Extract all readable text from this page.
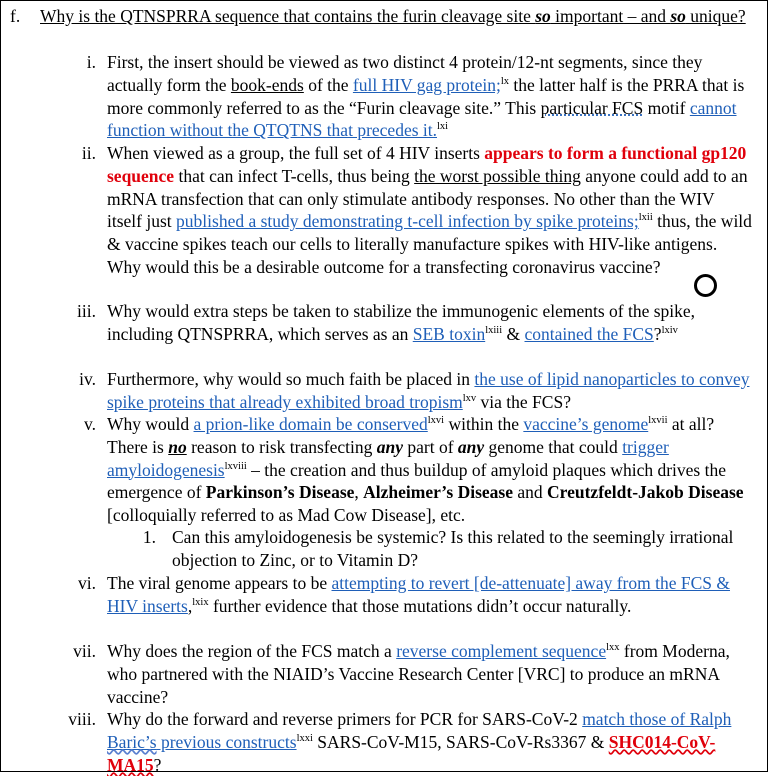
f. Why is the QTNSPRRA sequence that contains the furin cleavage site so important – and so unique?
i. First, the insert should be viewed as two distinct 4 protein/12-nt segments, since they actually form the book-ends of the full HIV gag protein;$^{lx}$ the latter half is the PRRA that is more commonly referred to as the “Furin cleavage site.” This particular FCS motif cannot function without the QTQTNS that precedes it.$^{lxi}$
ii. When viewed as a group, the full set of 4 HIV inserts appears to form a functional gp120 sequence that can infect T-cells, thus being the worst possible thing anyone could add to an mRNA transfection that can only stimulate antibody responses. No other than the WIV itself just published a study demonstrating t-cell infection by spike proteins;$^{lxii}$ thus, the wild & vaccine spikes teach our cells to literally manufacture spikes with HIV-like antigens. Why would this be a desirable outcome for a transfecting coronavirus vaccine?
iii. Why would extra steps be taken to stabilize the immunogenic elements of the spike, including QTNSPRRA, which serves as an SEB toxin$^{lxiii}$ & contained the FCS?$^{lxiv}$
iv. Furthermore, why would so much faith be placed in the use of lipid nanoparticles to convey spike proteins that already exhibited broad tropism$^{lxv}$ via the FCS?
v. Why would a prion-like domain be conserved$^{lxvi}$ within the vaccine’s genome$^{lxvii}$ at all? There is no reason to risk transfecting any part of any genome that could trigger amyloidogenesis$^{lxviii}$ – the creation and thus buildup of amyloid plaques which drives the emergence of Parkinson’s Disease, Alzheimer’s Disease and Creutzfeldt-Jakob Disease [colloquially referred to as Mad Cow Disease], etc.
1. Can this amyloidogenesis be systemic? Is this related to the seemingly irrational objection to Zinc, or to Vitamin D?
vi. The viral genome appears to be attempting to revert [de-attenuate] away from the FCS & HIV inserts,$^{lxix}$ further evidence that those mutations didn’t occur naturally.
vii. Why does the region of the FCS match a reverse complement sequence$^{lxx}$ from Moderna, who partnered with the NIAID’s Vaccine Research Center [VRC] to produce an mRNA vaccine?
viii. Why do the forward and reverse primers for PCR for SARS-CoV-2 match those of Ralph Baric’s previous constructs$^{lxxi}$ SARS-CoV-M15, SARS-CoV-Rs3367 & SHC014-CoV-MA15?
